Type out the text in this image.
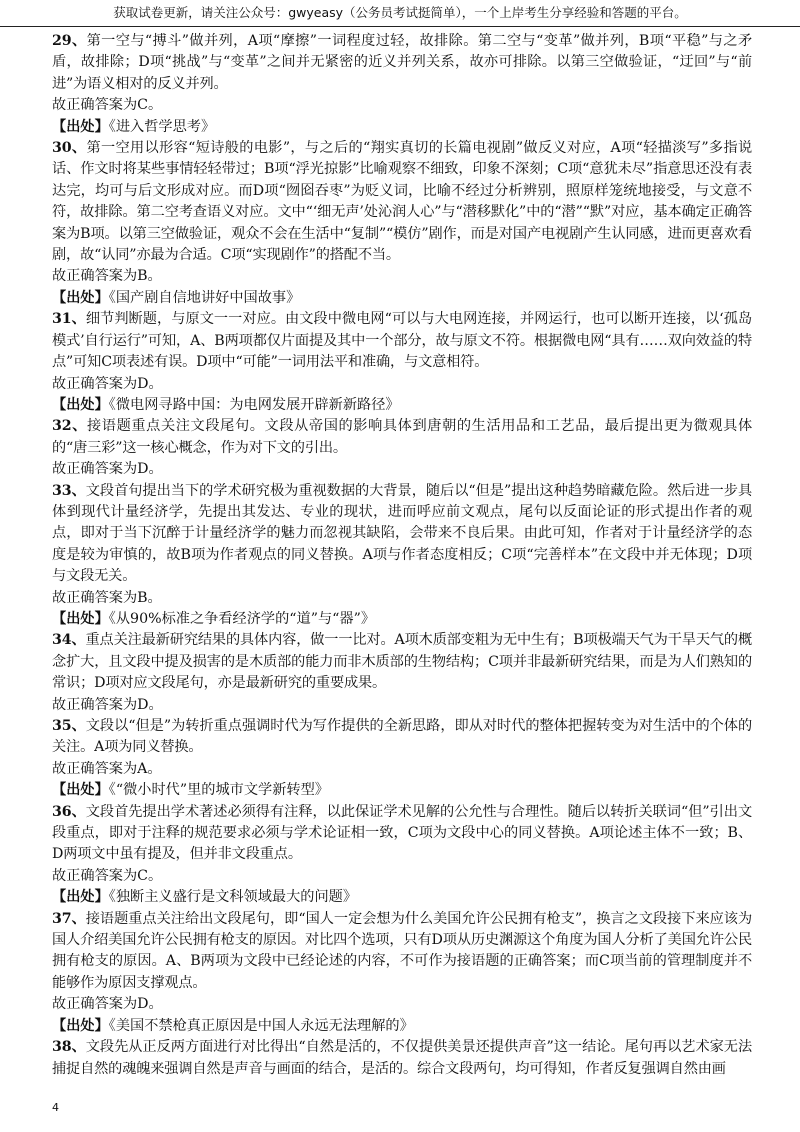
获取试卷更新，请关注公众号：gwyeasy（公务员考试挺简单），一个上岸考生分享经验和答题的平台。

29、第一空与“搏斗”做并列，A项“摩擦”一词程度过轻，故排除。第二空与“变革”做并列，B项“平稳”与之矛盾，故排除；D项“挑战”与“变革”之间并无紧密的近义并列关系，故亦可排除。以第三空做验证，“迂回”与“前进”为语义相对的反义并列。

故正确答案为C。

【出处】《进入哲学思考》

30、第一空用以形容“短诗般的电影”，与之后的“翔实真切的长篇电视剧”做反义对应，A项“轻描淡写”多指说话、作文时将某些事情轻轻带过；B项“浮光掠影”比喻观察不细致，印象不深刻；C项“意犹未尽”指意思还没有表达完，均可与后文形成对应。而D项“囫囵吞枣”为贬义词，比喻不经过分析辨别，照原样笼统地接受，与文意不符，故排除。第二空考查语义对应。文中“‘细无声’处沁润人心”与“潜移默化”中的“潜”“默”对应，基本确定正确答案为B项。以第三空做验证，观众不会在生活中“复制”“模仿”剧作，而是对国产电视剧产生认同感，进而更喜欢看剧，故“认同”亦最为合适。C项“实现剧作”的搭配不当。

故正确答案为B。

【出处】《国产剧自信地讲好中国故事》

31、细节判断题，与原文一一对应。由文段中微电网“可以与大电网连接，并网运行，也可以断开连接，以‘孤岛模式’自行运行”可知，A、B两项都仅片面提及其中一个部分，故与原文不符。根据微电网“具有……双向效益的特点”可知C项表述有误。D项中“可能”一词用法平和准确，与文意相符。

故正确答案为D。

【出处】《微电网寻路中国：为电网发展开辟新新路径》

32、接语题重点关注文段尾句。文段从帝国的影响具体到唐朝的生活用品和工艺品，最后提出更为微观具体的“唐三彩”这一核心概念，作为对下文的引出。

故正确答案为D。

33、文段首句提出当下的学术研究极为重视数据的大背景，随后以“但是”提出这种趋势暗藏危险。然后进一步具体到现代计量经济学，先提出其发达、专业的现状，进而呼应前文观点，尾句以反面论证的形式提出作者的观点，即对于当下沉醉于计量经济学的魅力而忽视其缺陷，会带来不良后果。由此可知，作者对于计量经济学的态度是较为审慎的，故B项为作者观点的同义替换。A项与作者态度相反；C项“完善样本”在文段中并无体现；D项与文段无关。

故正确答案为B。

【出处】《从90%标准之争看经济学的“道”与“器”》

34、重点关注最新研究结果的具体内容，做一一比对。A项木质部变粗为无中生有；B项极端天气为干旱天气的概念扩大，且文段中提及损害的是木质部的能力而非木质部的生物结构；C项并非最新研究结果，而是为人们熟知的常识；D项对应文段尾句，亦是最新研究的重要成果。

故正确答案为D。

35、文段以“但是”为转折重点强调时代为写作提供的全新思路，即从对时代的整体把握转变为对生活中的个体的关注。A项为同义替换。

故正确答案为A。

【出处】《“微小时代”里的城市文学新转型》

36、文段首先提出学术著述必须得有注释，以此保证学术见解的公允性与合理性。随后以转折关联词“但”引出文段重点，即对于注释的规范要求必须与学术论证相一致，C项为文段中心的同义替换。A项论述主体不一致；B、D两项文中虽有提及，但并非文段重点。

故正确答案为C。

【出处】《独断主义盛行是文科领域最大的问题》

37、接语题重点关注给出文段尾句，即“国人一定会想为什么美国允许公民拥有枪支”，换言之文段接下来应该为国人介绍美国允许公民拥有枪支的原因。对比四个选项，只有D项从历史渊源这个角度为国人分析了美国允许公民拥有枪支的原因。A、B两项为文段中已经论述的内容，不可作为接语题的正确答案；而C项当前的管理制度并不能够作为原因支撑观点。

故正确答案为D。

【出处】《美国不禁枪真正原因是中国人永远无法理解的》

38、文段先从正反两方面进行对比得出“自然是活的，不仅提供美景还提供声音”这一结论。尾句再以艺术家无法捕捉自然的魂魄来强调自然是声音与画面的结合，是活的。综合文段两句，均可得知，作者反复强调自然由画

4
